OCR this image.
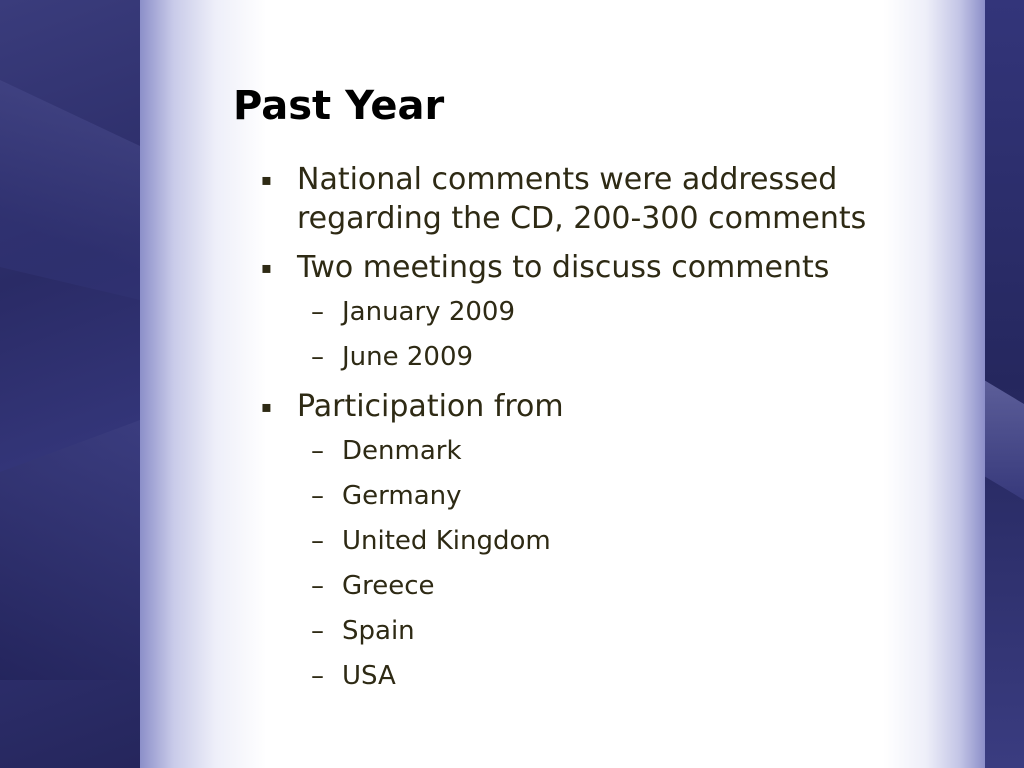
Past Year
▪ National comments were addressed regarding the CD, 200-300 comments
▪ Two meetings to discuss comments
– January 2009
– June 2009
▪ Participation from
– Denmark
– Germany
– United Kingdom
– Greece
– Spain
– USA
